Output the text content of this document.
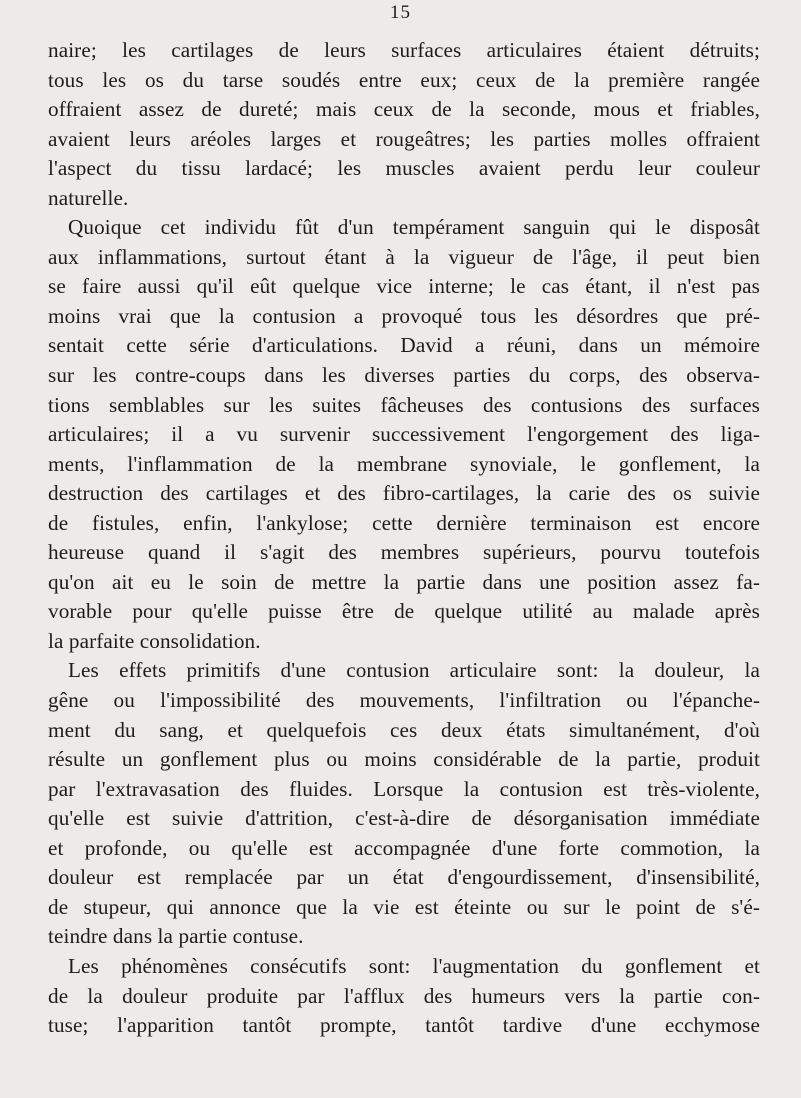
15
naire; les cartilages de leurs surfaces articulaires étaient détruits;
tous les os du tarse soudés entre eux; ceux de la première rangée
offraient assez de dureté; mais ceux de la seconde, mous et friables,
avaient leurs aréoles larges et rougeâtres; les parties molles offraient
l'aspect du tissu lardacé; les muscles avaient perdu leur couleur
naturelle.
Quoique cet individu fût d'un tempérament sanguin qui le disposât
aux inflammations, surtout étant à la vigueur de l'âge, il peut bien
se faire aussi qu'il eût quelque vice interne; le cas étant, il n'est pas
moins vrai que la contusion a provoqué tous les désordres que pré-
sentait cette série d'articulations. David a réuni, dans un mémoire
sur les contre-coups dans les diverses parties du corps, des observa-
tions semblables sur les suites fâcheuses des contusions des surfaces
articulaires; il a vu survenir successivement l'engorgement des liga-
ments, l'inflammation de la membrane synoviale, le gonflement, la
destruction des cartilages et des fibro-cartilages, la carie des os suivie
de fistules, enfin, l'ankylose; cette dernière terminaison est encore
heureuse quand il s'agit des membres supérieurs, pourvu toutefois
qu'on ait eu le soin de mettre la partie dans une position assez fa-
vorable pour qu'elle puisse être de quelque utilité au malade après
la parfaite consolidation.
Les effets primitifs d'une contusion articulaire sont: la douleur, la
gêne ou l'impossibilité des mouvements, l'infiltration ou l'épanche-
ment du sang, et quelquefois ces deux états simultanément, d'où
résulte un gonflement plus ou moins considérable de la partie, produit
par l'extravasation des fluides. Lorsque la contusion est très-violente,
qu'elle est suivie d'attrition, c'est-à-dire de désorganisation immédiate
et profonde, ou qu'elle est accompagnée d'une forte commotion, la
douleur est remplacée par un état d'engourdissement, d'insensibilité,
de stupeur, qui annonce que la vie est éteinte ou sur le point de s'é-
teindre dans la partie contuse.
Les phénomènes consécutifs sont: l'augmentation du gonflement et
de la douleur produite par l'afflux des humeurs vers la partie con-
tuse; l'apparition tantôt prompte, tantôt tardive d'une ecchymose
